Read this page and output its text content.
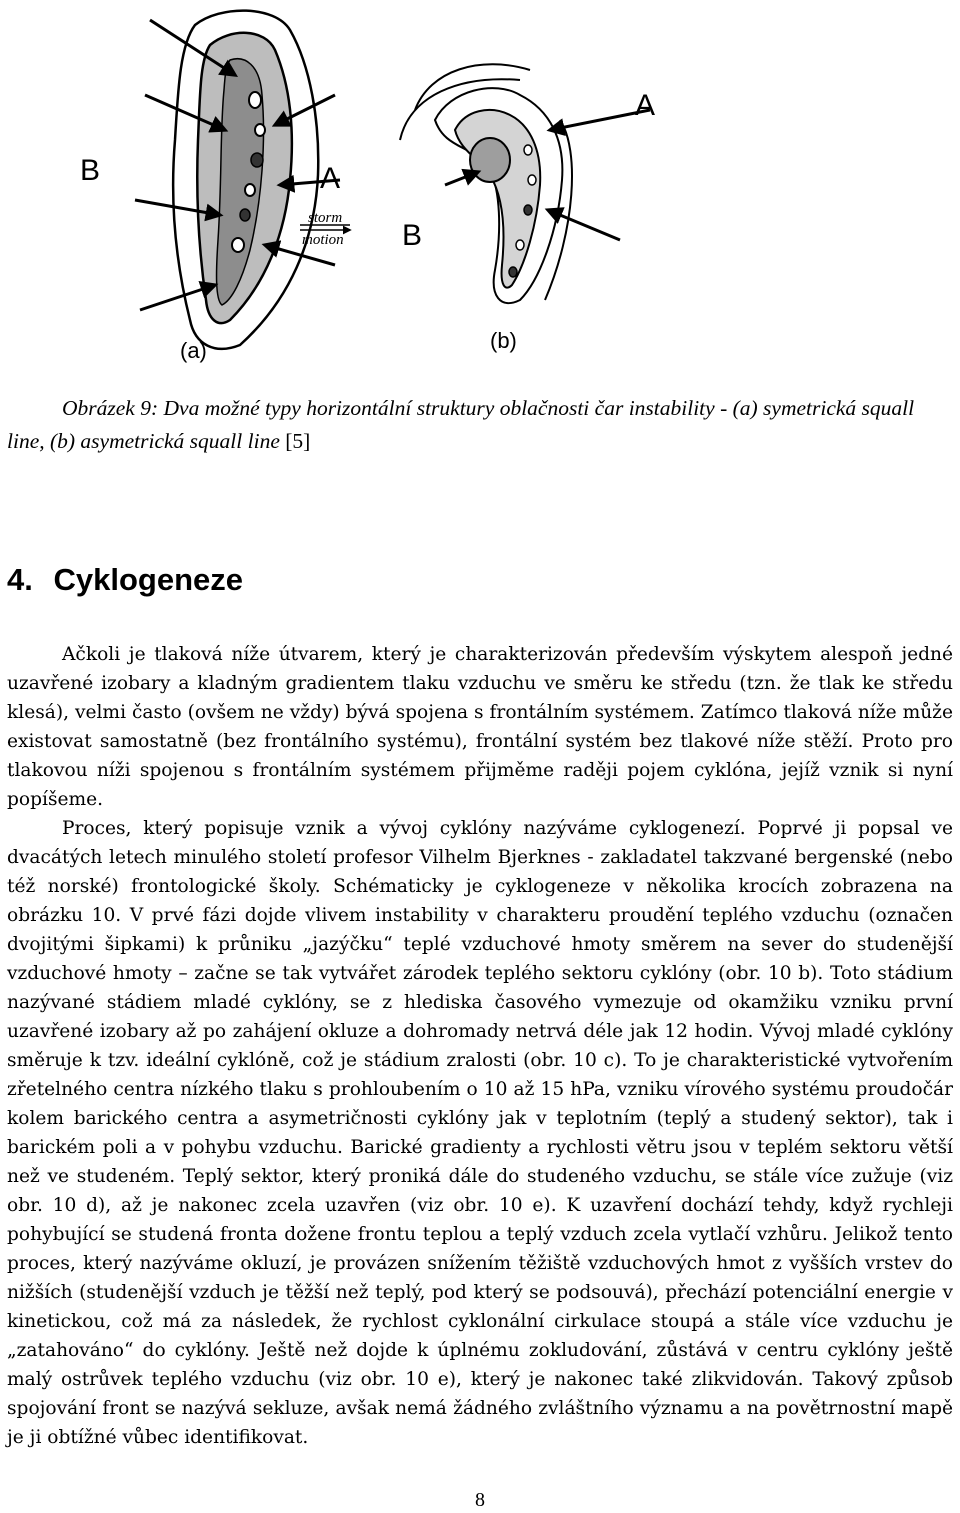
B	A
storm
motion
(a)
B
A
(b)
Obrázek 9: Dva možné typy horizontální struktury oblačnosti čar instability - (a) symetrická squall line, (b) asymetrická squall line [5]
4. Cyklogeneze

Ačkoli je tlaková níže útvarem, který je charakterizován především výskytem alespoň jedné uzavřené izobary a kladným gradientem tlaku vzduchu ve směru ke středu (tzn. že tlak ke středu klesá), velmi často (ovšem ne vždy) bývá spojena s frontálním systémem. Zatímco tlaková níže může existovat samostatně (bez frontálního systému), frontální systém bez tlakové níže stěží. Proto pro tlakovou níži spojenou s frontálním systémem přijměme raději pojem cyklóna, jejíž vznik si nyní popíšeme.

Proces, který popisuje vznik a vývoj cyklóny nazýváme cyklogenezí. Poprvé ji popsal ve dvacátých letech minulého století profesor Vilhelm Bjerknes - zakladatel takzvané bergenské (nebo též norské) frontologické školy. Schématicky je cyklogeneze v několika krocích zobrazena na obrázku 10. V prvé fázi dojde vlivem instability v charakteru proudění teplého vzduchu (označen dvojitými šipkami) k průniku „jazýčku“ teplé vzduchové hmoty směrem na sever do studenější vzduchové hmoty – začne se tak vytvářet zárodek teplého sektoru cyklóny (obr. 10 b). Toto stádium nazývané stádiem mladé cyklóny, se z hlediska časového vymezuje od okamžiku vzniku první uzavřené izobary až po zahájení okluze a dohromady netrvá déle jak 12 hodin. Vývoj mladé cyklóny směruje k tzv. ideální cyklóně, což je stádium zralosti (obr. 10 c). To je charakteristické vytvořením zřetelného centra nízkého tlaku s prohloubením o 10 až 15 hPa, vzniku vírového systému proudočár kolem barického centra a asymetričnosti cyklóny jak v teplotním (teplý a studený sektor), tak i barickém poli a v pohybu vzduchu. Barické gradienty a rychlosti větru jsou v teplém sektoru větší než ve studeném. Teplý sektor, který proniká dále do studeného vzduchu, se stále více zužuje (viz obr. 10 d), až je nakonec zcela uzavřen (viz obr. 10 e). K uzavření dochází tehdy, když rychleji pohybující se studená fronta dožene frontu teplou a teplý vzduch zcela vytlačí vzhůru. Jelikož tento proces, který nazýváme okluzí, je provázen snížením těžiště vzduchových hmot z vyšších vrstev do nižších (studenější vzduch je těžší než teplý, pod který se podsouvá), přechází potenciální energie v kinetickou, což má za následek, že rychlost cyklonální cirkulace stoupá a stále více vzduchu je „zatahováno“ do cyklóny. Ještě než dojde k úplnému zokludování, zůstává v centru cyklóny ještě malý ostrůvek teplého vzduchu (viz obr. 10 e), který je nakonec také zlikvidován. Takový způsob spojování front se nazývá sekluze, avšak nemá žádného zvláštního významu a na povětrnostní mapě je ji obtížné vůbec identifikovat.

8
